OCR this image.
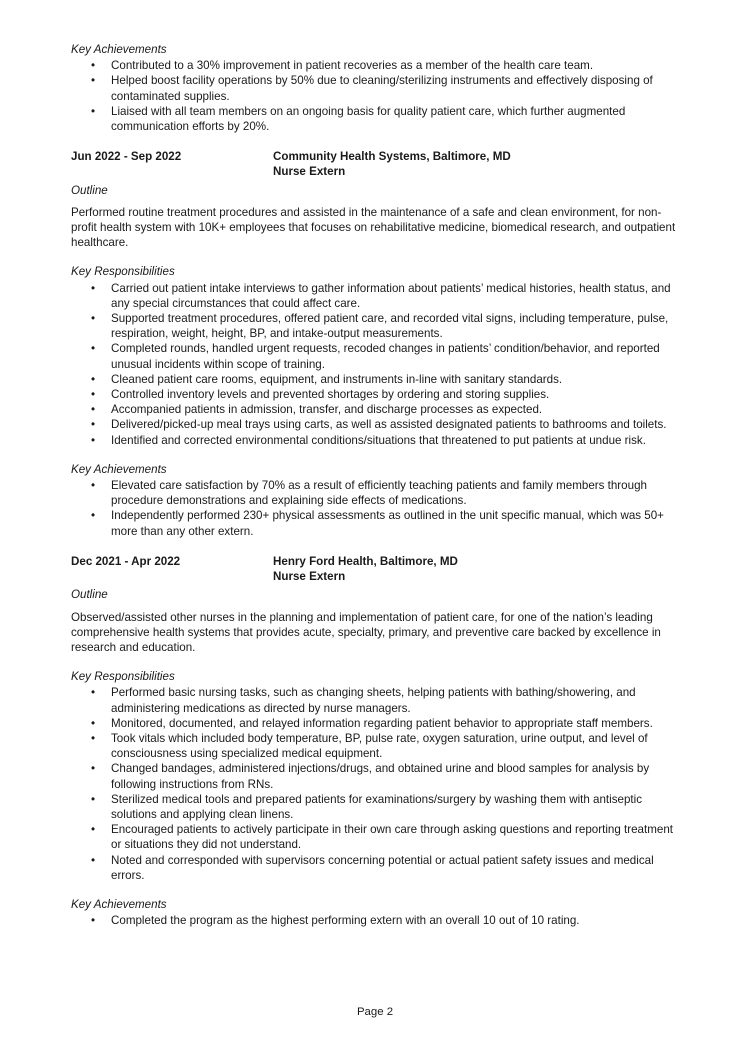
Key Achievements

•	Contributed to a 30% improvement in patient recoveries as a member of the health care team.
•	Helped boost facility operations by 50% due to cleaning/sterilizing instruments and effectively disposing of contaminated supplies.
•	Liaised with all team members on an ongoing basis for quality patient care, which further augmented communication efforts by 20%.
Jun 2022 - Sep 2022	Community Health Systems, Baltimore, MD
Nurse Extern

Outline

Performed routine treatment procedures and assisted in the maintenance of a safe and clean environment, for non-profit health system with 10K+ employees that focuses on rehabilitative medicine, biomedical research, and outpatient healthcare.

Key Responsibilities

•	Carried out patient intake interviews to gather information about patients’ medical histories, health status, and any special circumstances that could affect care.
•	Supported treatment procedures, offered patient care, and recorded vital signs, including temperature, pulse, respiration, weight, height, BP, and intake-output measurements.
•	Completed rounds, handled urgent requests, recoded changes in patients’ condition/behavior, and reported unusual incidents within scope of training.
•	Cleaned patient care rooms, equipment, and instruments in-line with sanitary standards.
•	Controlled inventory levels and prevented shortages by ordering and storing supplies.
•	Accompanied patients in admission, transfer, and discharge processes as expected.
•	Delivered/picked-up meal trays using carts, as well as assisted designated patients to bathrooms and toilets.
•	Identified and corrected environmental conditions/situations that threatened to put patients at undue risk.

Key Achievements

•	Elevated care satisfaction by 70% as a result of efficiently teaching patients and family members through procedure demonstrations and explaining side effects of medications.
•	Independently performed 230+ physical assessments as outlined in the unit specific manual, which was 50+ more than any other extern.
Dec 2021 - Apr 2022	Henry Ford Health, Baltimore, MD
Nurse Extern

Outline

Observed/assisted other nurses in the planning and implementation of patient care, for one of the nation’s leading comprehensive health systems that provides acute, specialty, primary, and preventive care backed by excellence in research and education.

Key Responsibilities

•	Performed basic nursing tasks, such as changing sheets, helping patients with bathing/showering, and administering medications as directed by nurse managers.
•	Monitored, documented, and relayed information regarding patient behavior to appropriate staff members.
•	Took vitals which included body temperature, BP, pulse rate, oxygen saturation, urine output, and level of consciousness using specialized medical equipment.
•	Changed bandages, administered injections/drugs, and obtained urine and blood samples for analysis by following instructions from RNs.
•	Sterilized medical tools and prepared patients for examinations/surgery by washing them with antiseptic solutions and applying clean linens.
•	Encouraged patients to actively participate in their own care through asking questions and reporting treatment or situations they did not understand.
•	Noted and corresponded with supervisors concerning potential or actual patient safety issues and medical errors.

Key Achievements

•	Completed the program as the highest performing extern with an overall 10 out of 10 rating.
Page 2
